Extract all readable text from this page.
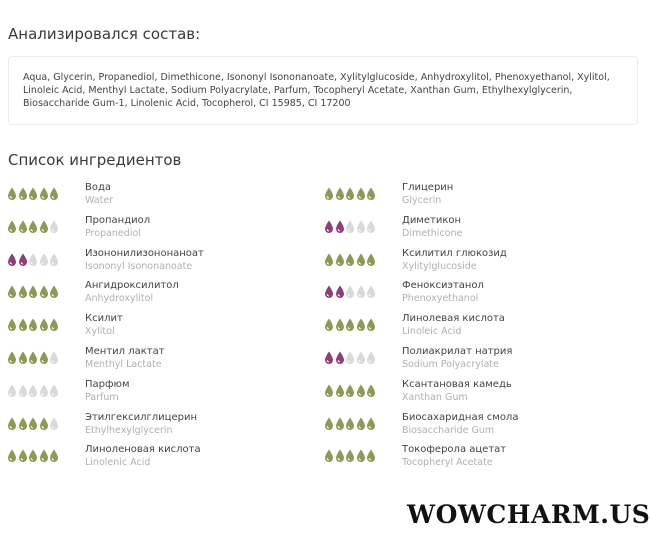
Анализировался состав:
Aqua, Glycerin, Propanediol, Dimethicone, Isononyl Isononanoate, Xylitylglucoside, Anhydroxylitol, Phenoxyethanol, Xylitol, Linoleic Acid, Menthyl Lactate, Sodium Polyacrylate, Parfum, Tocopheryl Acetate, Xanthan Gum, Ethylhexylglycerin, Biosaccharide Gum-1, Linolenic Acid, Tocopherol, CI 15985, CI 17200
Список ингредиентов
Вода
Water
Глицерин
Glycerin
Пропандиол
Propanediol
Диметикон
Dimethicone
Изононилизононаноат
Isononyl Isononanoate
Ксилитил глюкозид
Xylitylglucoside
Ангидроксилитол
Anhydroxylitol
Феноксиэтанол
Phenoxyethanol
Ксилит
Xylitol
Линолевая кислота
Linoleic Acid
Ментил лактат
Menthyl Lactate
Полиакрилат натрия
Sodium Polyacrylate
Парфюм
Parfum
Ксантановая камедь
Xanthan Gum
Этилгексилглицерин
Ethylhexylglycerin
Биосахаридная смола
Biosaccharide Gum
Линоленовая кислота
Linolenic Acid
Токоферола ацетат
Tocopheryl Acetate
WOWCHARM.US
